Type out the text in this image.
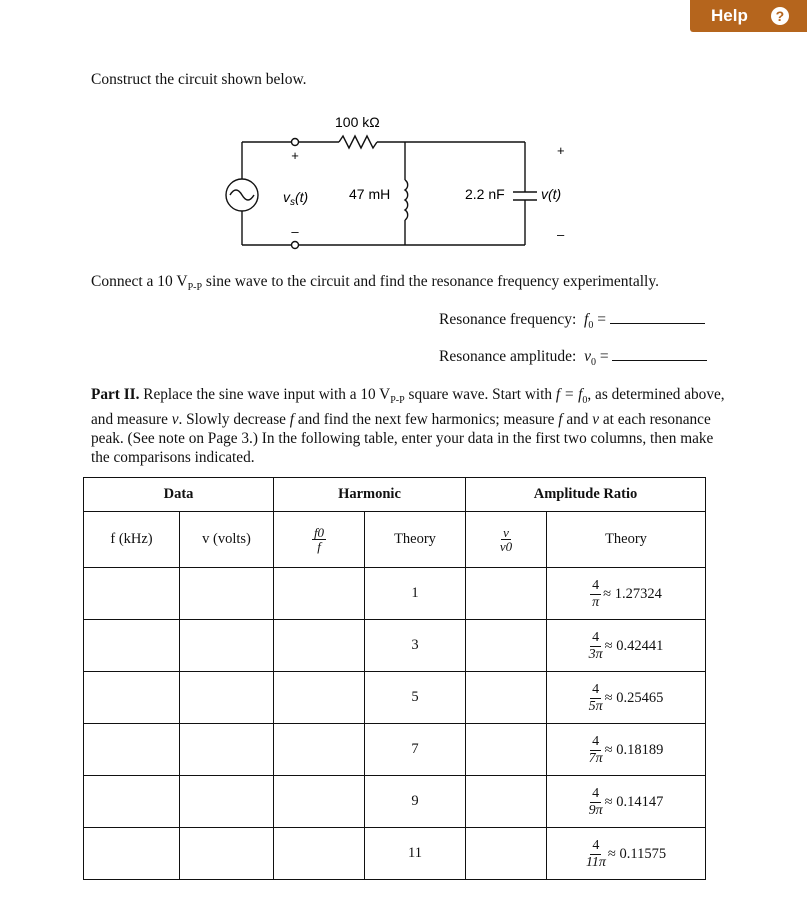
Help	?
Construct the circuit shown below.
100 kΩ
+
–
$v_s(t)$	47 mH	2.2 nF	v(t)
+
–
Connect a 10 $V_{P-P}$ sine wave to the circuit and find the resonance frequency experimentally.
Resonance frequency: $f_0$ =
Resonance amplitude: $v_0$ =
Part II. Replace the sine wave input with a 10 $V_{P-P}$ square wave. Start with $f = f_0$, as determined above, and measure v. Slowly decrease f and find the next few harmonics; measure f and v at each resonance peak. (See note on Page 3.) In the following table, enter your data in the first two columns, then make the comparisons indicated.
Data		Harmonic		Amplitude Ratio	
f (kHz)	v (volts)	$\frac{f0}{f}$	Theory	$\frac{v}{v0}$	Theory
			1		$\frac{4}{\pi} \approx 1.27324$

			3		$\frac{4}{3\pi} \approx 0.42441$

			5		$\frac{4}{5\pi} \approx 0.25465$

			7		$\frac{4}{7\pi} \approx 0.18189$

			9		$\frac{4}{9\pi} \approx 0.14147$

			11		$\frac{4}{11\pi} \approx 0.11575$
